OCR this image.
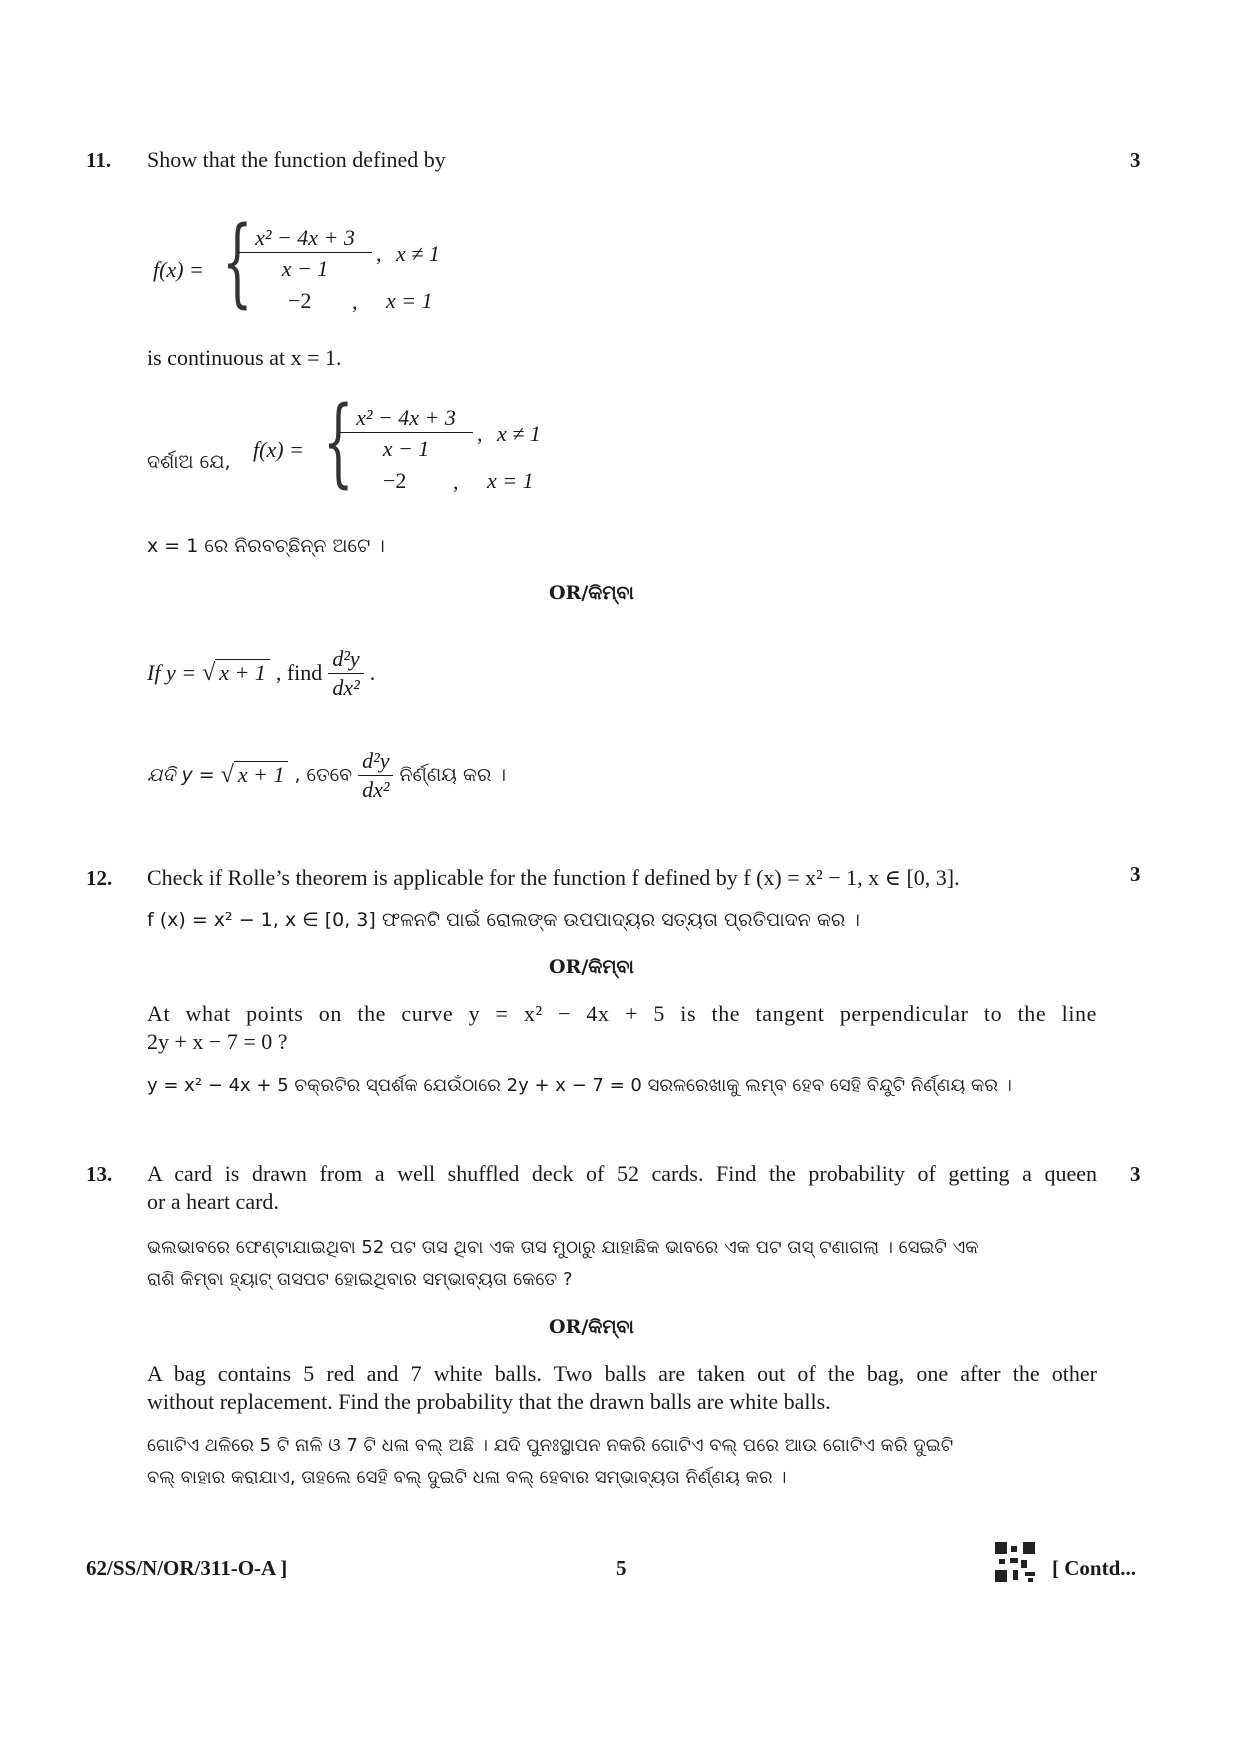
11.	3
Show that the function defined by
f(x) = { x² − 4x + 3
x − 1
, x ≠ 1
−2 , x = 1
is continuous at x = 1.
ଦର୍ଶାଅ ଯେ, f(x) = { x² − 4x + 3
x − 1
, x ≠ 1
−2 , x = 1
x = 1 ରେ ନିରବଚ୍ଛିନ୍ନ ଅଟେ ।
OR/କିମ୍ବା
If y = √ x + 1 , find $\frac{\text{d²y}}{\text{dx²}}$ .
ଯଦି y = √ x + 1 , ତେବେ $\frac{\text{d²y}}{\text{dx²}}$ ନିର୍ଣ୍ଣୟ କର ।
12.	3
Check if Rolle’s theorem is applicable for the function f defined by f (x) = x² − 1, x ∈ [0, 3].
f (x) = x² − 1, x ∈ [0, 3] ଫଳନଟି ପାଇଁ ରୋଲଙ୍କ ଉପପାଦ୍ୟର ସତ୍ୟତା ପ୍ରତିପାଦନ କର ।
OR/କିମ୍ବା
At what points on the curve y = x² − 4x + 5 is the tangent perpendicular to the line
2y + x − 7 = 0 ?
y = x² − 4x + 5 ଚକ୍ରଟିର ସ୍ପର୍ଶକ ଯେଉଁଠାରେ 2y + x − 7 = 0 ସରଳରେଖାକୁ ଲମ୍ବ ହେବ ସେହି ବିନ୍ଦୁଟି ନିର୍ଣ୍ଣୟ କର ।
13.	3
A card is drawn from a well shuffled deck of 52 cards. Find the probability of getting a queen
or a heart card.
ଭଲଭାବରେ ଫେଣ୍ଟାଯାଇଥିବା 52 ପଟ ତାସ ଥିବା ଏକ ତାସ ମୁଠାରୁ ଯାହାଛିକ ଭାବରେ ଏକ ପଟ ତାସ୍ ଟଣାଗଲା । ସେଇଟି ଏକ
ରାଶି କିମ୍ବା ହ୍ୟାଟ୍ ତାସପଟ ହୋଇଥିବାର ସମ୍ଭାବ୍ୟତା କେତେ ?
OR/କିମ୍ବା
A bag contains 5 red and 7 white balls. Two balls are taken out of the bag, one after the other
without replacement. Find the probability that the drawn balls are white balls.
ଗୋଟିଏ ଥଳିରେ 5 ଟି ନାଳି ଓ 7 ଟି ଧଳା ବଲ୍ ଅଛି । ଯଦି ପୁନଃସ୍ଥାପନ ନକରି ଗୋଟିଏ ବଲ୍ ପରେ ଆଉ ଗୋଟିଏ କରି ଦୁଇଟି
ବଲ୍ ବାହାର କରାଯାଏ, ତାହଲେ ସେହି ବଲ୍ ଦୁଇଟି ଧଳା ବଲ୍ ହେବାର ସମ୍ଭାବ୍ୟତା ନିର୍ଣ୍ଣୟ କର ।
62/SS/N/OR/311-O-A ]	5	[ Contd...
